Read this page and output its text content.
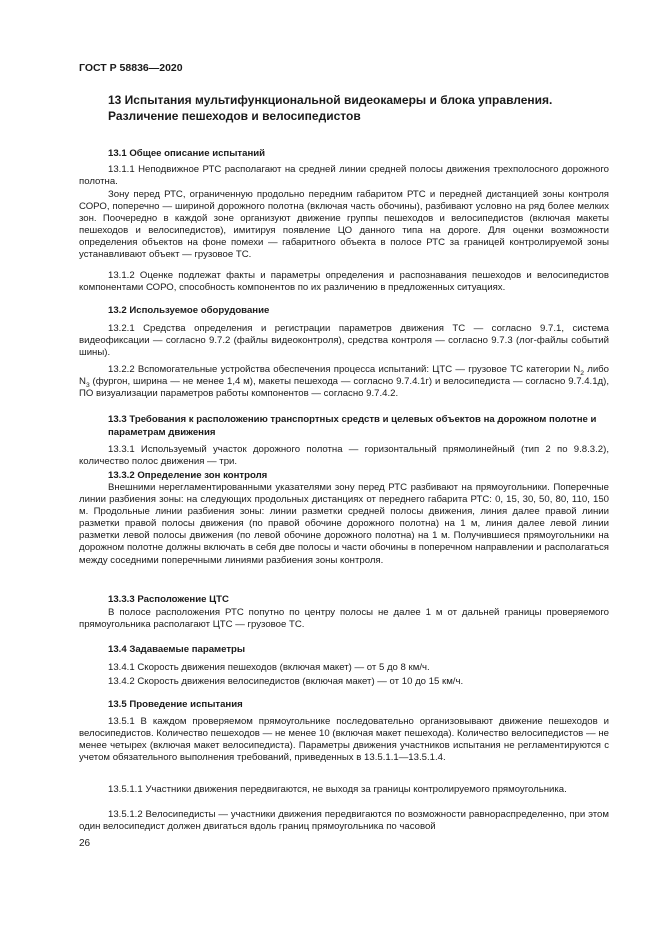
ГОСТ Р 58836—2020
13 Испытания мультифункциональной видеокамеры и блока управления. Различение пешеходов и велосипедистов
13.1 Общее описание испытаний

13.1.1 Неподвижное РТС располагают на средней линии средней полосы движения трехполосного дорожного полотна.

Зону перед РТС, ограниченную продольно передним габаритом РТС и передней дистанцией зоны контроля СОРО, поперечно — шириной дорожного полотна (включая часть обочины), разбивают условно на ряд более мелких зон. Поочередно в каждой зоне организуют движение группы пешеходов и велосипедистов (включая макеты пешеходов и велосипедистов), имитируя появление ЦО данного типа на дороге. Для оценки возможности определения объектов на фоне помехи — габаритного объекта в полосе РТС за границей контролируемой зоны устанавливают объект — грузовое ТС.

13.1.2 Оценке подлежат факты и параметры определения и распознавания пешеходов и велосипедистов компонентами СОРО, способность компонентов по их различению в предложенных ситуациях.

13.2 Используемое оборудование

13.2.1 Средства определения и регистрации параметров движения ТС — согласно 9.7.1, система видеофиксации — согласно 9.7.2 (файлы видеоконтроля), средства контроля — согласно 9.7.3 (лог-файлы событий шины).

13.2.2 Вспомогательные устройства обеспечения процесса испытаний: ЦТС — грузовое ТС категории $N_2$ либо $N_3$ (фургон, ширина — не менее 1,4 м), макеты пешехода — согласно 9.7.4.1г) и велосипедиста — согласно 9.7.4.1д), ПО визуализации параметров работы компонентов — согласно 9.7.4.2.

13.3 Требования к расположению транспортных средств и целевых объектов на дорожном полотне и параметрам движения

13.3.1 Используемый участок дорожного полотна — горизонтальный прямолинейный (тип 2 по 9.8.3.2), количество полос движения — три.

13.3.2 Определение зон контроля

Внешними нерегламентированными указателями зону перед РТС разбивают на прямоугольники. Поперечные линии разбиения зоны: на следующих продольных дистанциях от переднего габарита РТС: 0, 15, 30, 50, 80, 110, 150 м. Продольные линии разбиения зоны: линии разметки средней полосы движения, линия далее правой линии разметки правой полосы движения (по правой обочине дорожного полотна) на 1 м, линия далее левой линии разметки левой полосы движения (по левой обочине дорожного полотна) на 1 м. Получившиеся прямоугольники на дорожном полотне должны включать в себя две полосы и части обочины в поперечном направлении и располагаться между соседними поперечными линиями разбиения зоны контроля.

13.3.3 Расположение ЦТС

В полосе расположения РТС попутно по центру полосы не далее 1 м от дальней границы проверяемого прямоугольника располагают ЦТС — грузовое ТС.

13.4 Задаваемые параметры

13.4.1 Скорость движения пешеходов (включая макет) — от 5 до 8 км/ч.

13.4.2 Скорость движения велосипедистов (включая макет) — от 10 до 15 км/ч.

13.5 Проведение испытания

13.5.1 В каждом проверяемом прямоугольнике последовательно организовывают движение пешеходов и велосипедистов. Количество пешеходов — не менее 10 (включая макет пешехода). Количество велосипедистов — не менее четырех (включая макет велосипедиста). Параметры движения участников испытания не регламентируются с учетом обязательного выполнения требований, приведенных в 13.5.1.1—13.5.1.4.

13.5.1.1 Участники движения передвигаются, не выходя за границы контролируемого прямоугольника.

13.5.1.2 Велосипедисты — участники движения передвигаются по возможности равнораспределенно, при этом один велосипедист должен двигаться вдоль границ прямоугольника по часовой

26
